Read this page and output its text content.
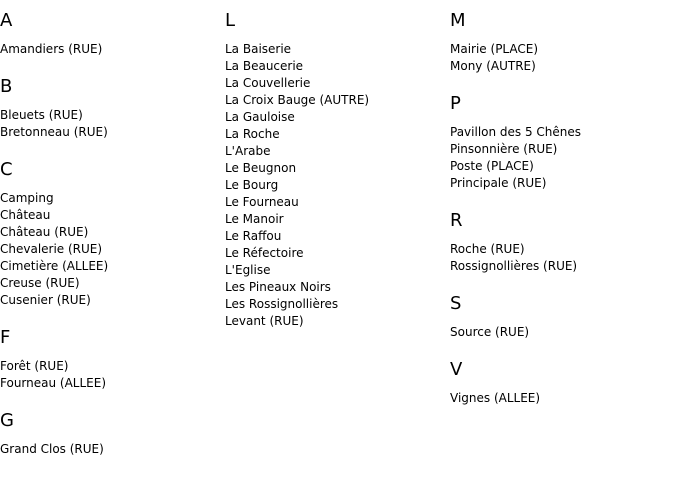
A
Amandiers (RUE)
B
Bleuets (RUE)
Bretonneau (RUE)
C
Camping
Château
Château (RUE)
Chevalerie (RUE)
Cimetière (ALLEE)
Creuse (RUE)
Cusenier (RUE)
F
Forêt (RUE)
Fourneau (ALLEE)
G
Grand Clos (RUE)
L
La Baiserie
La Beaucerie
La Couvellerie
La Croix Bauge (AUTRE)
La Gauloise
La Roche
L'Arabe
Le Beugnon
Le Bourg
Le Fourneau
Le Manoir
Le Raffou
Le Réfectoire
L'Eglise
Les Pineaux Noirs
Les Rossignollières
Levant (RUE)
M
Mairie (PLACE)
Mony (AUTRE)
P
Pavillon des 5 Chênes
Pinsonnière (RUE)
Poste (PLACE)
Principale (RUE)
R
Roche (RUE)
Rossignollières (RUE)
S
Source (RUE)
V
Vignes (ALLEE)
